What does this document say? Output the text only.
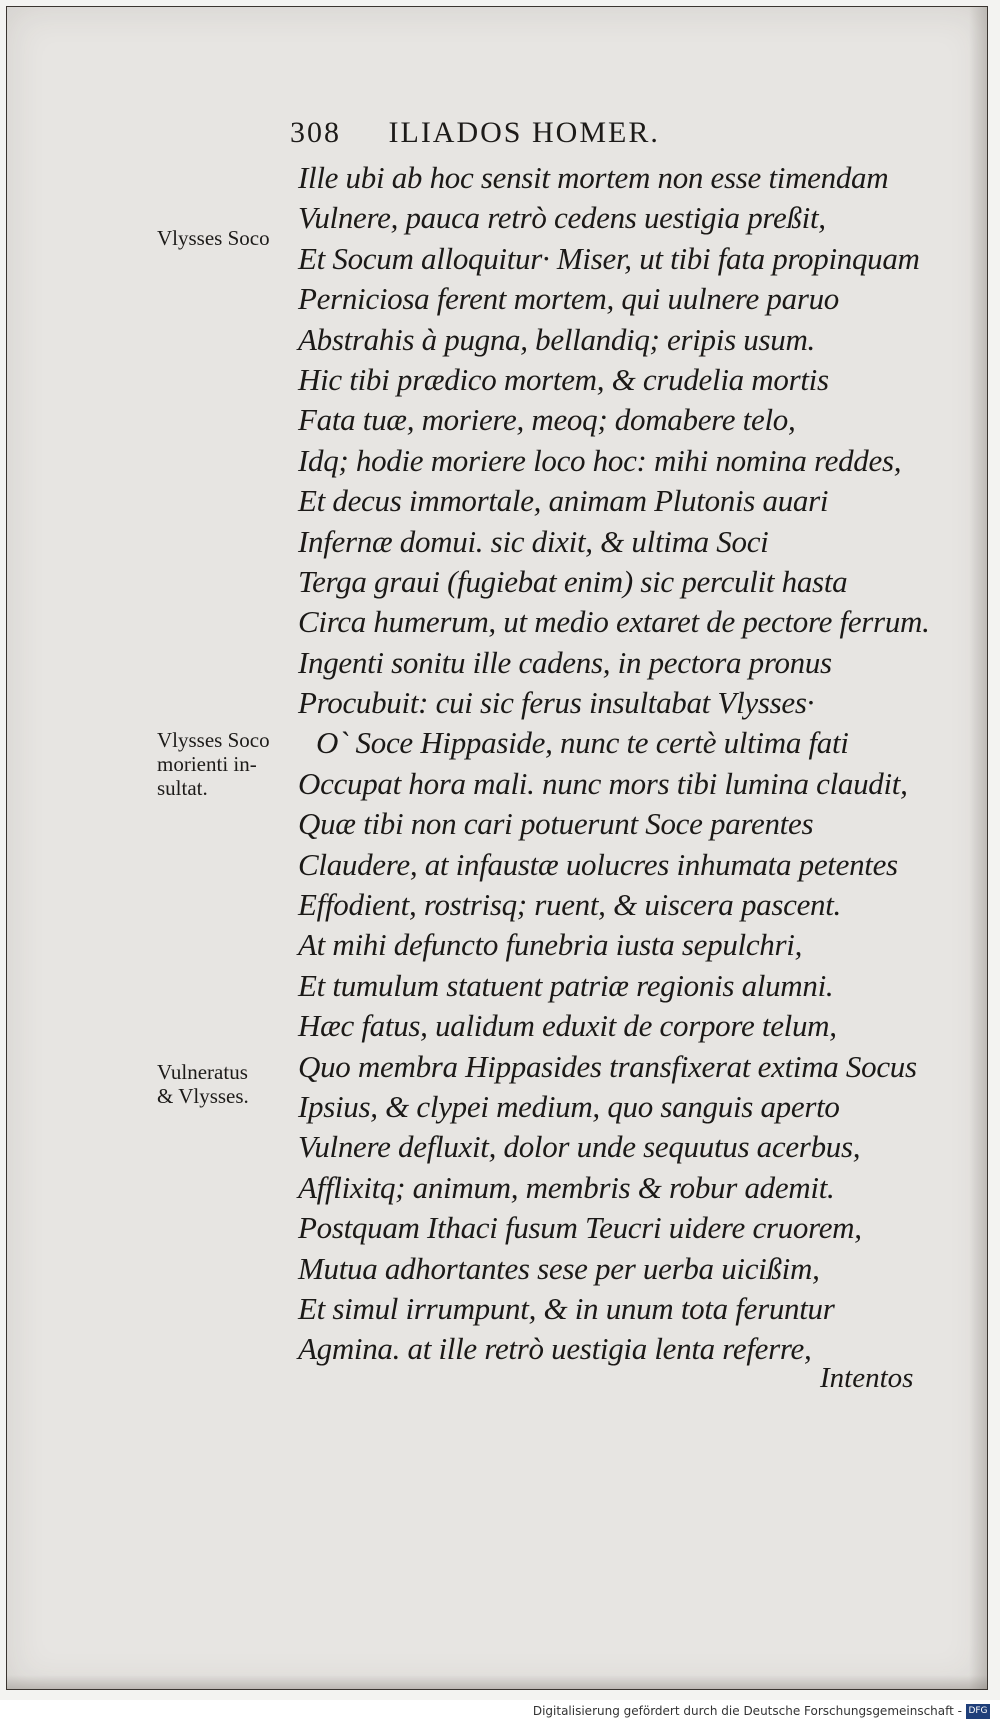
308 ILIADOS HOMER.
Vlysses Soco
Vlysses Soco
morienti in-
sultat.
Vulneratus
& Vlysses.
Ille ubi ab hoc sensit mortem non esse timendam
Vulnere, pauca retrò cedens uestigia preßit,
Et Socum alloquitur· Miser, ut tibi fata propinquam
Perniciosa ferent mortem, qui uulnere paruo
Abstrahis à pugna, bellandiq; eripis usum.
Hic tibi prædico mortem, & crudelia mortis
Fata tuæ, moriere, meoq; domabere telo,
Idq; hodie moriere loco hoc: mihi nomina reddes,
Et decus immortale, animam Plutonis auari
Infernæ domui. sic dixit, & ultima Soci
Terga graui (fugiebat enim) sic perculit hasta
Circa humerum, ut medio extaret de pectore ferrum.
Ingenti sonitu ille cadens, in pectora pronus
Procubuit: cui sic ferus insultabat Vlysses·
O` Soce Hippaside, nunc te certè ultima fati
Occupat hora mali. nunc mors tibi lumina claudit,
Quæ tibi non cari potuerunt Soce parentes
Claudere, at infaustæ uolucres inhumata petentes
Effodient, rostrisq; ruent, & uiscera pascent.
At mihi defuncto funebria iusta sepulchri,
Et tumulum statuent patriæ regionis alumni.
Hæc fatus, ualidum eduxit de corpore telum,
Quo membra Hippasides transfixerat extima Socus
Ipsius, & clypei medium, quo sanguis aperto
Vulnere defluxit, dolor unde sequutus acerbus,
Afflixitq; animum, membris & robur ademit.
Postquam Ithaci fusum Teucri uidere cruorem,
Mutua adhortantes sese per uerba uicißim,
Et simul irrumpunt, & in unum tota feruntur
Agmina. at ille retrò uestigia lenta referre,
Intentos
Digitalisierung gefördert durch die Deutsche Forschungsgemeinschaft - DFG
